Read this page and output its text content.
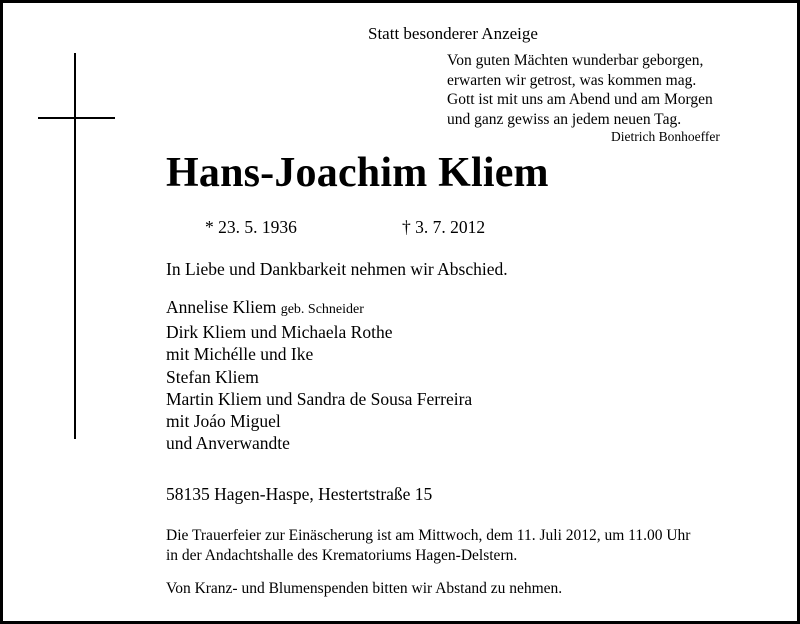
Statt besonderer Anzeige
Von guten Mächten wunderbar geborgen,
erwarten wir getrost, was kommen mag.
Gott ist mit uns am Abend und am Morgen
und ganz gewiss an jedem neuen Tag.
Dietrich Bonhoeffer
Hans-Joachim Kliem
* 23. 5. 1936	† 3. 7. 2012
In Liebe und Dankbarkeit nehmen wir Abschied.
Annelise Kliem geb. Schneider
Dirk Kliem und Michaela Rothe
mit Michélle und Ike
Stefan Kliem
Martin Kliem und Sandra de Sousa Ferreira
mit Joáo Miguel
und Anverwandte
58135 Hagen-Haspe, Hestertstraße 15
Die Trauerfeier zur Einäscherung ist am Mittwoch, dem 11. Juli 2012, um 11.00 Uhr
in der Andachtshalle des Krematoriums Hagen-Delstern.
Von Kranz- und Blumenspenden bitten wir Abstand zu nehmen.
